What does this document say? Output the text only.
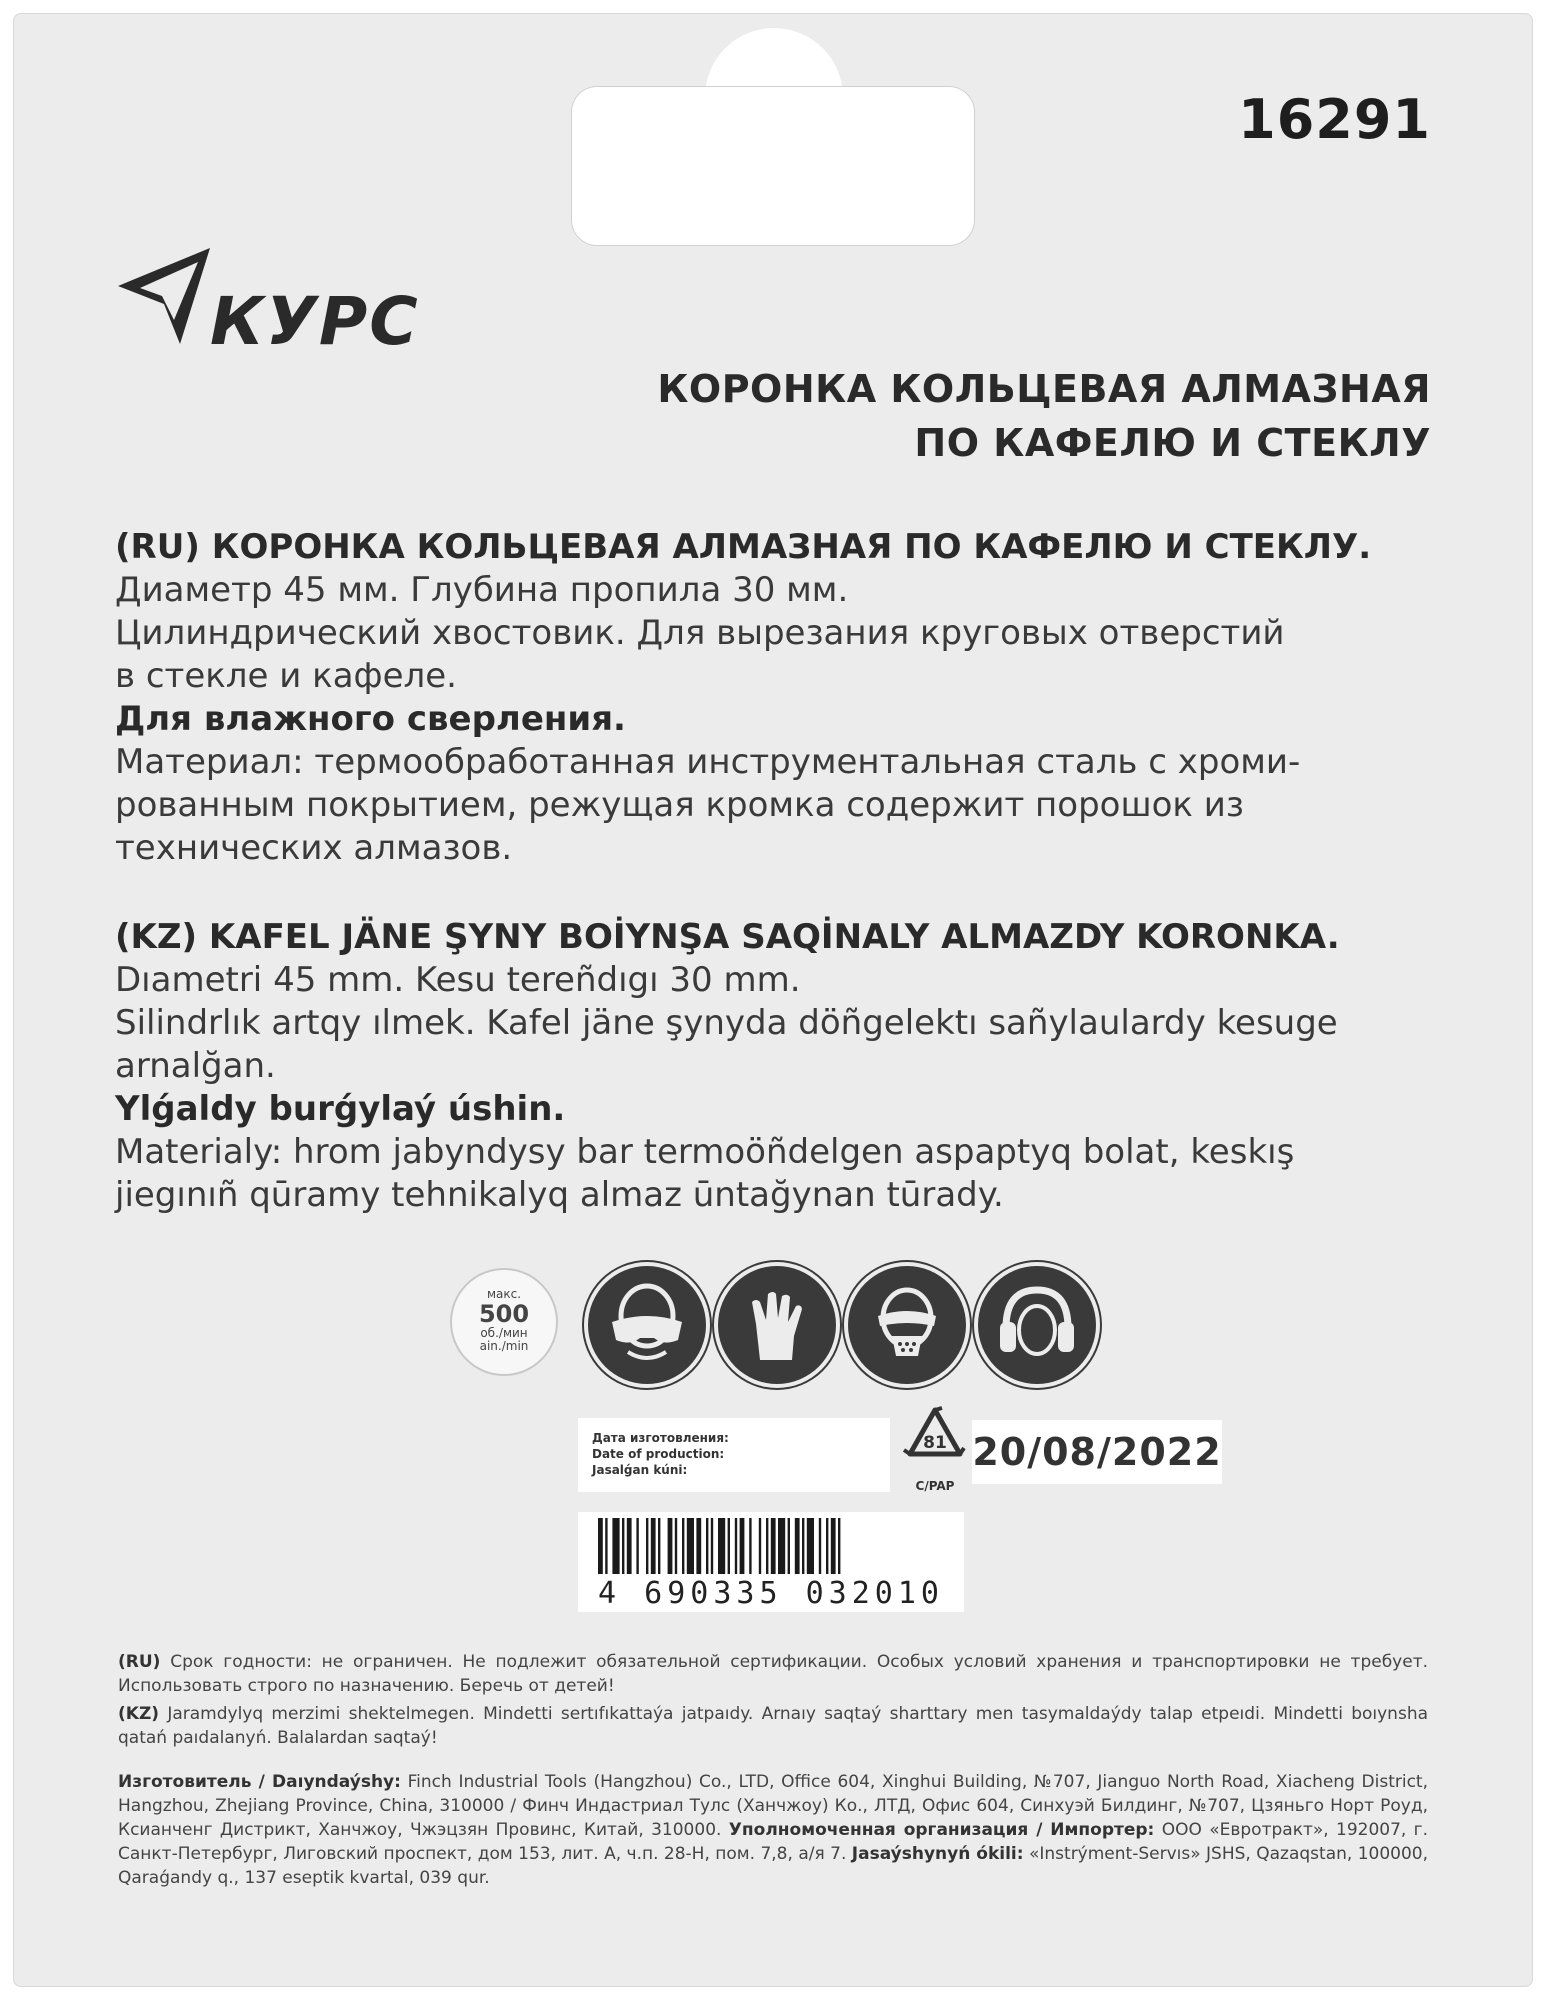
16291
КУРС
КОРОНКА КОЛЬЦЕВАЯ АЛМАЗНАЯ
ПО КАФЕЛЮ И СТЕКЛУ

(RU) КОРОНКА КОЛЬЦЕВАЯ АЛМАЗНАЯ ПО КАФЕЛЮ И СТЕКЛУ.

Диаметр 45 мм. Глубина пропила 30 мм.

Цилиндрический хвостовик. Для вырезания круговых отверстий

в стекле и кафеле.

Для влажного сверления.

Материал: термообработанная инструментальная сталь с хроми-

рованным покрытием, режущая кромка содержит порошок из

технических алмазов.

(KZ) KAFEL JÄNE ŞYNY BOİYNŞA SAQİNALY ALMAZDY KORONKA.

Dıametri 45 mm. Kesu tereñdıgı 30 mm.

Silindrlık artqy ılmek. Kafel jäne şynyda döñgelektı sañylaulardy kesuge

arnalğan.

Ylǵaldy burǵylaý úshin.

Materialy: hrom jabyndysy bar termoöñdelgen aspaptyq bolat, keskış

jiegınıñ qūramy tehnikalyq almaz ūntağynan tūrady.

макс.
500
об./мин
ain./min
Дата изготовления:
Date of production:
Jasalǵan kúni:
81
C/PAP
20/08/2022
4 690335 032010
(RU) Срок годности: не ограничен. Не подлежит обязательной сертификации. Особых условий хранения и транспортировки не требует. Использовать строго по назначению. Беречь от детей!
(KZ) Jaramdylyq merzimi shektelmegen. Mindetti sertıfıkattaýa jatpaıdy. Arnaıy saqtaý sharttary men tasymaldaýdy talap etpeıdi. Mindetti boıynsha qatań paıdalanyń. Balalardan saqtaý!
Изготовитель / Daıyndaýshy: Finch Industrial Tools (Hangzhou) Co., LTD, Office 604, Xinghui Building, №707, Jianguo North Road, Xiacheng District, Hangzhou, Zhejiang Province, China, 310000 / Финч Индастриал Тулс (Ханчжоу) Ко., ЛТД, Офис 604, Синхуэй Билдинг, №707, Цзяньго Норт Роуд, Ксианченг Дистрикт, Ханчжоу, Чжэцзян Провинс, Китай, 310000. Уполномоченная организация / Импортер: ООО «Евротракт», 192007, г. Санкт-Петербург, Лиговский проспект, дом 153, лит. А, ч.п. 28-Н, пом. 7,8, а/я 7. Jasaýshynyń ókili: «Instrýment-Servıs» JSHS, Qazaqstan, 100000, Qaraǵandy q., 137 eseptik kvartal, 039 qur.
